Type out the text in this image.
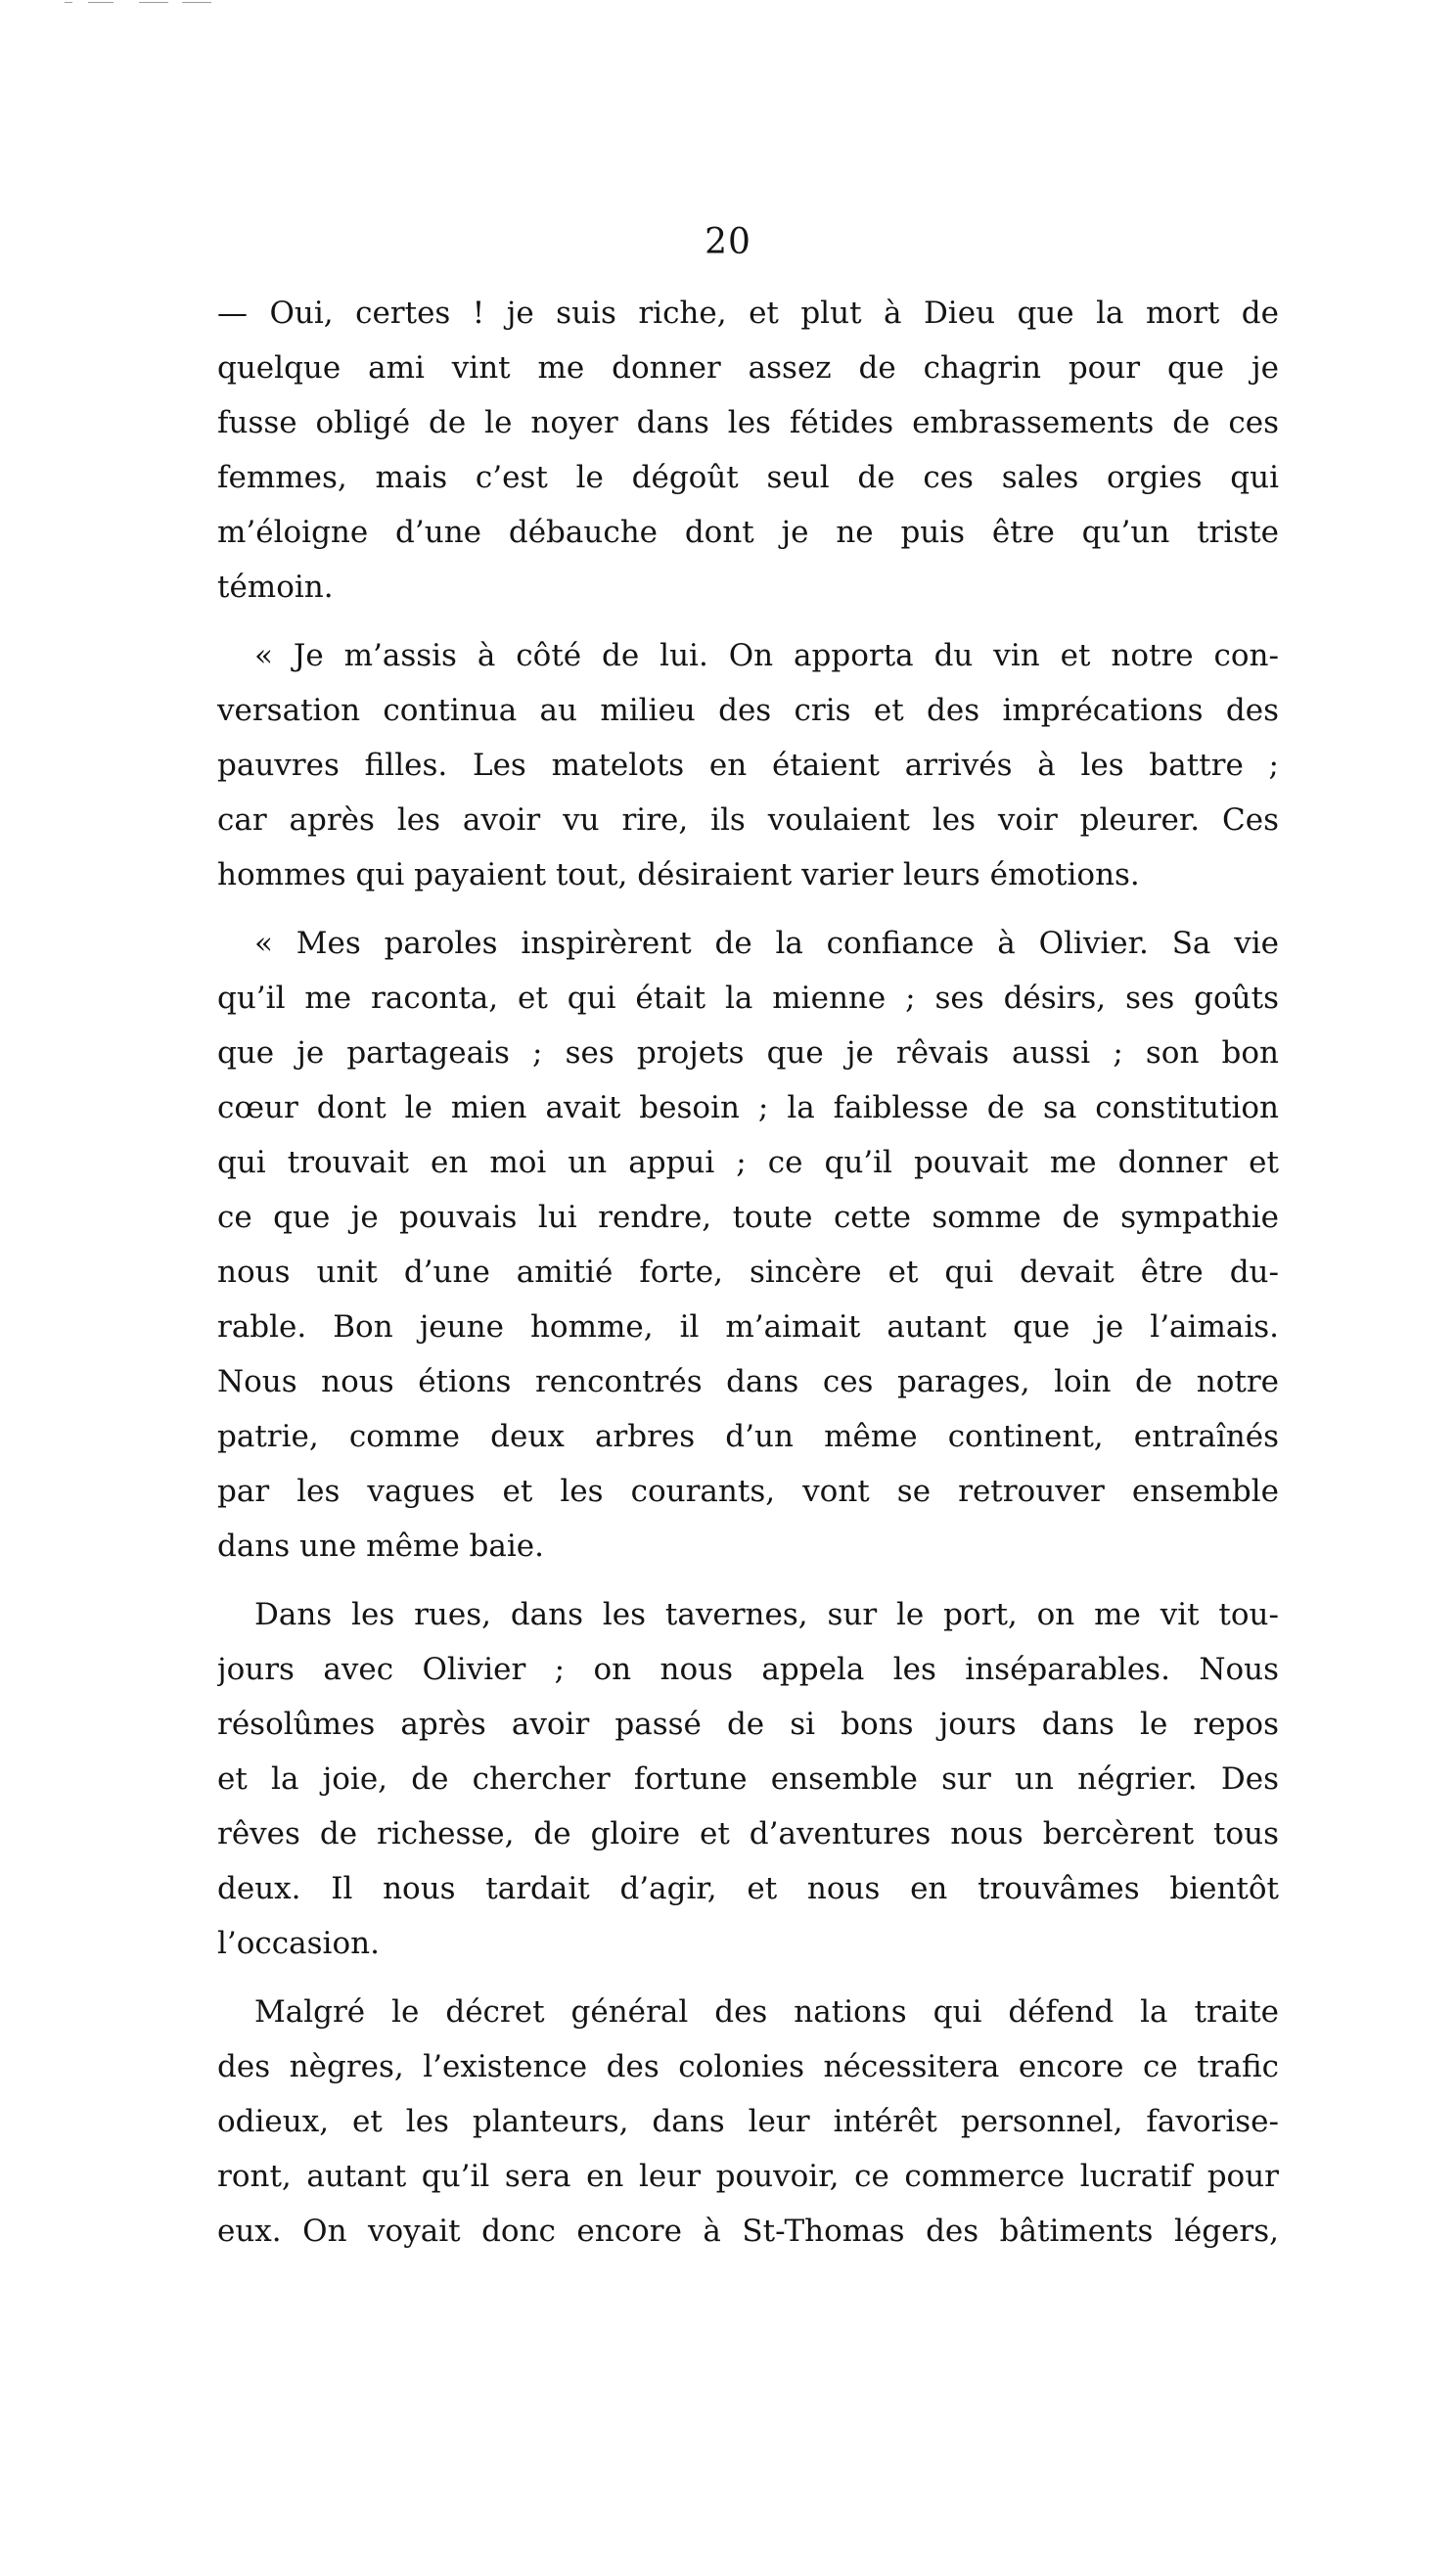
20
— Oui, certes ! je suis riche, et plut à Dieu que la mort de
quelque ami vint me donner assez de chagrin pour que je
fusse obligé de le noyer dans les fétides embrassements de ces
femmes, mais c’est le dégoût seul de ces sales orgies qui
m’éloigne d’une débauche dont je ne puis être qu’un triste
témoin.
« Je m’assis à côté de lui. On apporta du vin et notre con-
versation continua au milieu des cris et des imprécations des
pauvres filles. Les matelots en étaient arrivés à les battre ;
car après les avoir vu rire, ils voulaient les voir pleurer. Ces
hommes qui payaient tout, désiraient varier leurs émotions.
« Mes paroles inspirèrent de la confiance à Olivier. Sa vie
qu’il me raconta, et qui était la mienne ; ses désirs, ses goûts
que je partageais ; ses projets que je rêvais aussi ; son bon
cœur dont le mien avait besoin ; la faiblesse de sa constitution
qui trouvait en moi un appui ; ce qu’il pouvait me donner et
ce que je pouvais lui rendre, toute cette somme de sympathie
nous unit d’une amitié forte, sincère et qui devait être du-
rable. Bon jeune homme, il m’aimait autant que je l’aimais.
Nous nous étions rencontrés dans ces parages, loin de notre
patrie, comme deux arbres d’un même continent, entraînés
par les vagues et les courants, vont se retrouver ensemble
dans une même baie.
Dans les rues, dans les tavernes, sur le port, on me vit tou-
jours avec Olivier ; on nous appela les inséparables. Nous
résolûmes après avoir passé de si bons jours dans le repos
et la joie, de chercher fortune ensemble sur un négrier. Des
rêves de richesse, de gloire et d’aventures nous bercèrent tous
deux. Il nous tardait d’agir, et nous en trouvâmes bientôt
l’occasion.
Malgré le décret général des nations qui défend la traite
des nègres, l’existence des colonies nécessitera encore ce trafic
odieux, et les planteurs, dans leur intérêt personnel, favorise-
ront, autant qu’il sera en leur pouvoir, ce commerce lucratif pour
eux. On voyait donc encore à St-Thomas des bâtiments légers,
